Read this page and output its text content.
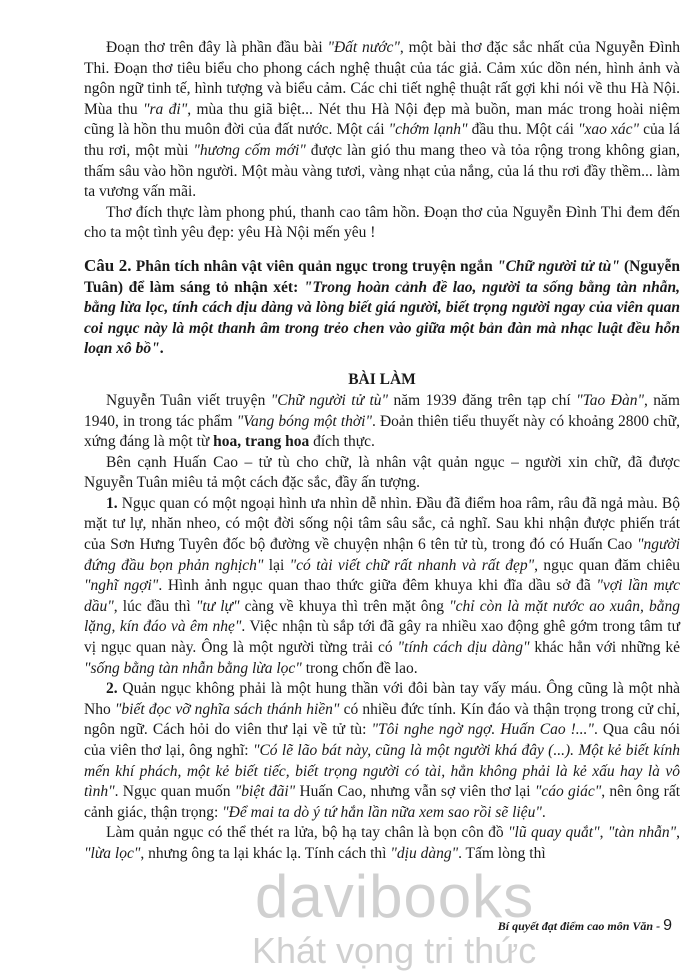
Đoạn thơ trên đây là phần đầu bài "Đất nước", một bài thơ đặc sắc nhất của Nguyễn Đình Thi. Đoạn thơ tiêu biểu cho phong cách nghệ thuật của tác giả. Cảm xúc dồn nén, hình ảnh và ngôn ngữ tinh tế, hình tượng và biểu cảm. Các chi tiết nghệ thuật rất gợi khi nói về thu Hà Nội. Mùa thu "ra đi", mùa thu giã biệt... Nét thu Hà Nội đẹp mà buồn, man mác trong hoài niệm cũng là hồn thu muôn đời của đất nước. Một cái "chớm lạnh" đầu thu. Một cái "xao xác" của lá thu rơi, một mùi "hương cốm mới" được làn gió thu mang theo và tỏa rộng trong không gian, thấm sâu vào hồn người. Một màu vàng tươi, vàng nhạt của nắng, của lá thu rơi đầy thềm... làm ta vương vấn mãi.

Thơ đích thực làm phong phú, thanh cao tâm hồn. Đoạn thơ của Nguyễn Đình Thi đem đến cho ta một tình yêu đẹp: yêu Hà Nội mến yêu !

Câu 2. Phân tích nhân vật viên quản ngục trong truyện ngắn "Chữ người tử tù" (Nguyễn Tuân) để làm sáng tỏ nhận xét: "Trong hoàn cảnh đề lao, người ta sống bằng tàn nhẫn, bằng lừa lọc, tính cách dịu dàng và lòng biết giá người, biết trọng người ngay của viên quan coi ngục này là một thanh âm trong trẻo chen vào giữa một bản đàn mà nhạc luật đều hỗn loạn xô bồ".

BÀI LÀM

Nguyễn Tuân viết truyện "Chữ người tử tù" năm 1939 đăng trên tạp chí "Tao Đàn", năm 1940, in trong tác phẩm "Vang bóng một thời". Đoản thiên tiểu thuyết này có khoảng 2800 chữ, xứng đáng là một từ hoa, trang hoa đích thực.

Bên cạnh Huấn Cao – tử tù cho chữ, là nhân vật quản ngục – người xin chữ, đã được Nguyễn Tuân miêu tả một cách đặc sắc, đầy ấn tượng.

1. Ngục quan có một ngoại hình ưa nhìn dễ nhìn. Đầu đã điểm hoa râm, râu đã ngả màu. Bộ mặt tư lự, nhăn nheo, có một đời sống nội tâm sâu sắc, cả nghĩ. Sau khi nhận được phiến trát của Sơn Hưng Tuyên đốc bộ đường về chuyện nhận 6 tên tử tù, trong đó có Huấn Cao "người đứng đầu bọn phản nghịch" lại "có tài viết chữ rất nhanh và rất đẹp", ngục quan đăm chiêu "nghĩ ngợi". Hình ảnh ngục quan thao thức giữa đêm khuya khi đĩa dầu sở đã "vợi lần mực dầu", lúc đầu thì "tư lự" càng về khuya thì trên mặt ông "chỉ còn là mặt nước ao xuân, bằng lặng, kín đáo và êm nhẹ". Việc nhận tù sắp tới đã gây ra nhiều xao động ghê gớm trong tâm tư vị ngục quan này. Ông là một người từng trải có "tính cách dịu dàng" khác hẳn với những kẻ "sống bằng tàn nhẫn bằng lừa lọc" trong chốn đề lao.

2. Quản ngục không phải là một hung thần với đôi bàn tay vấy máu. Ông cũng là một nhà Nho "biết đọc vỡ nghĩa sách thánh hiền" có nhiều đức tính. Kín đáo và thận trọng trong cử chỉ, ngôn ngữ. Cách hỏi do viên thư lại về tử tù: "Tôi nghe ngờ ngợ. Huấn Cao !...". Qua câu nói của viên thơ lại, ông nghĩ: "Có lẽ lão bát này, cũng là một người khá đây (...). Một kẻ biết kính mến khí phách, một kẻ biết tiếc, biết trọng người có tài, hẳn không phải là kẻ xấu hay là vô tình". Ngục quan muốn "biệt đãi" Huấn Cao, nhưng vẫn sợ viên thơ lại "cáo giác", nên ông rất cảnh giác, thận trọng: "Để mai ta dò ý tứ hắn lần nữa xem sao rồi sẽ liệu".

Làm quản ngục có thể thét ra lửa, bộ hạ tay chân là bọn côn đồ "lũ quay quắt", "tàn nhẫn", "lừa lọc", nhưng ông ta lại khác lạ. Tính cách thì "dịu dàng". Tấm lòng thì

davibooks
Khát vọng tri thức
Bí quyết đạt điểm cao môn Văn - 9
